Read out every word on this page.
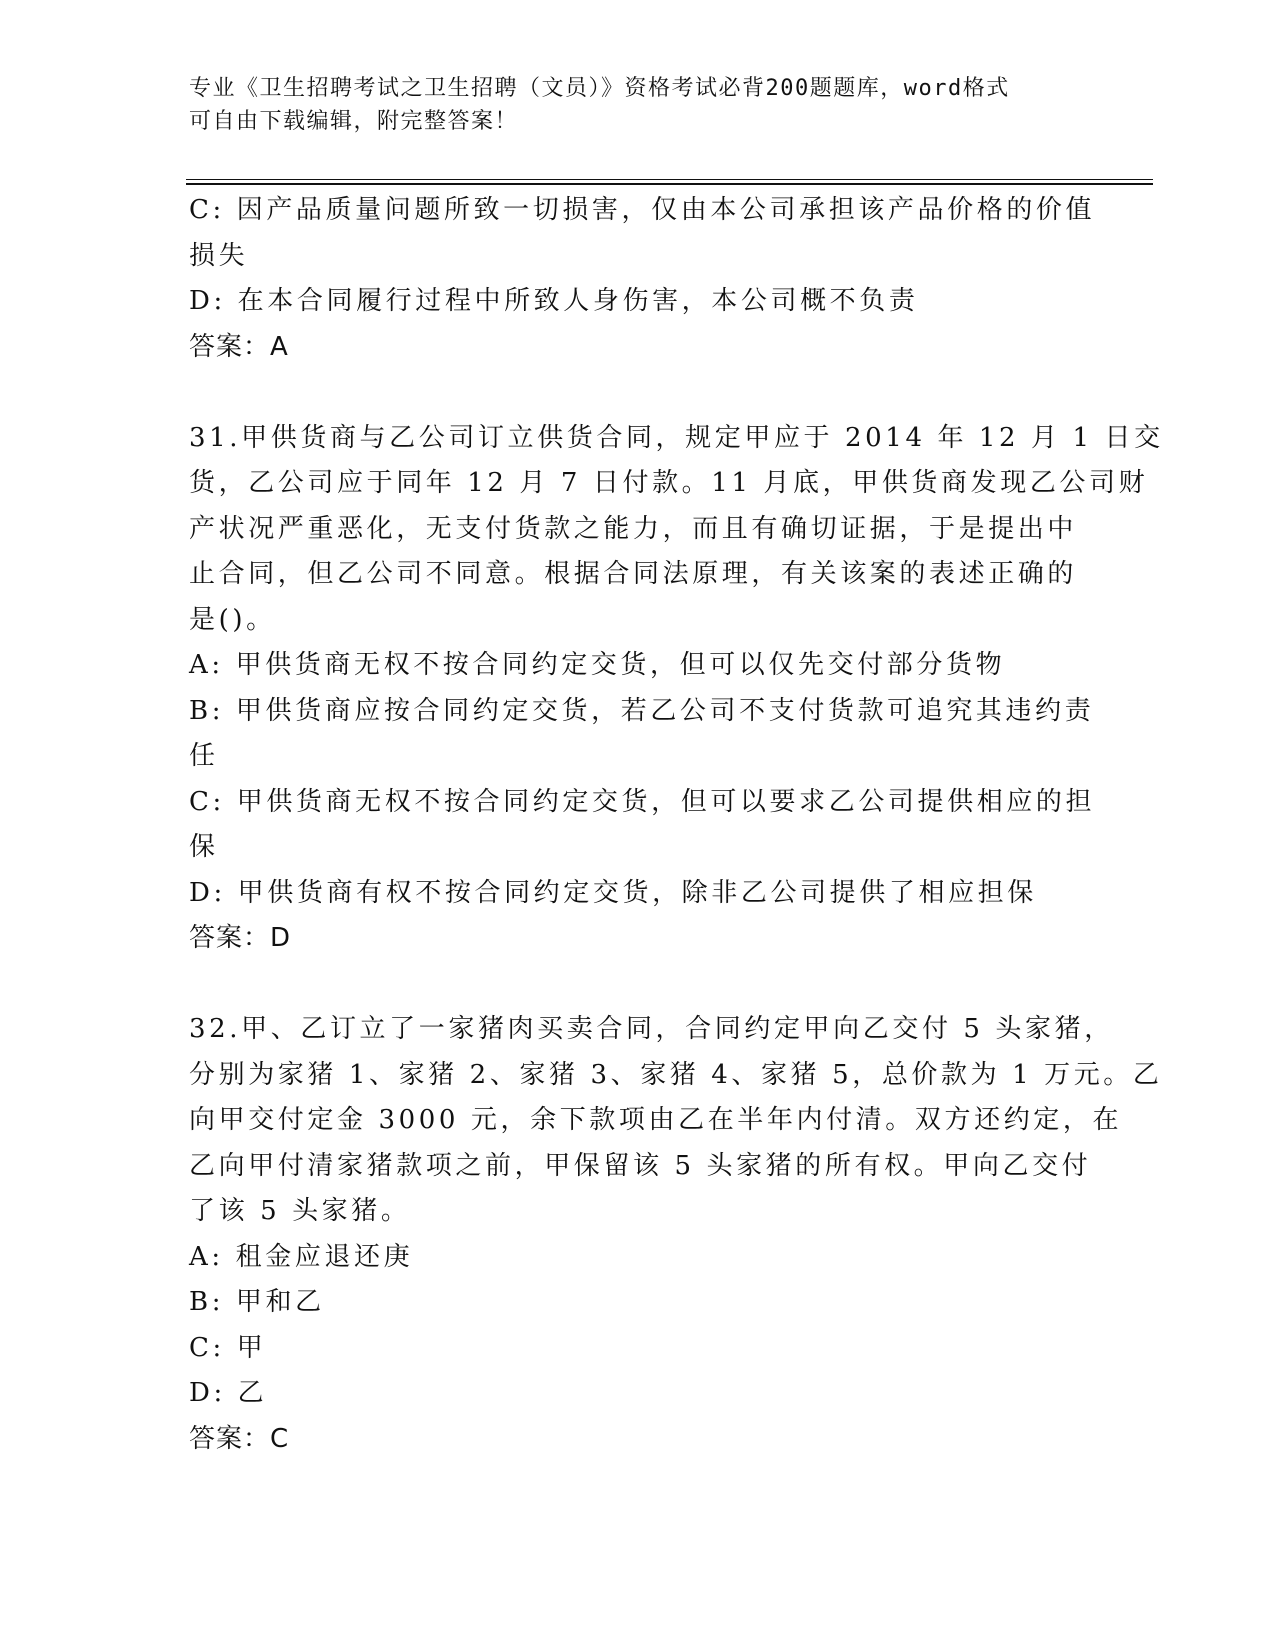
专业《卫生招聘考试之卫生招聘（文员）》资格考试必背200题题库，word格式
可自由下载编辑，附完整答案！
C: 因产品质量问题所致一切损害，仅由本公司承担该产品价格的价值
损失
D: 在本合同履行过程中所致人身伤害，本公司概不负责
答案：A
31.甲供货商与乙公司订立供货合同，规定甲应于 2014 年 12 月 1 日交
货，乙公司应于同年 12 月 7 日付款。11 月底，甲供货商发现乙公司财
产状况严重恶化，无支付货款之能力，而且有确切证据，于是提出中
止合同，但乙公司不同意。根据合同法原理，有关该案的表述正确的
是()。
A: 甲供货商无权不按合同约定交货，但可以仅先交付部分货物
B: 甲供货商应按合同约定交货，若乙公司不支付货款可追究其违约责
任
C: 甲供货商无权不按合同约定交货，但可以要求乙公司提供相应的担
保
D: 甲供货商有权不按合同约定交货，除非乙公司提供了相应担保
答案：D
32.甲、乙订立了一家猪肉买卖合同，合同约定甲向乙交付 5 头家猪，
分别为家猪 1、家猪 2、家猪 3、家猪 4、家猪 5，总价款为 1 万元。乙
向甲交付定金 3000 元，余下款项由乙在半年内付清。双方还约定，在
乙向甲付清家猪款项之前，甲保留该 5 头家猪的所有权。甲向乙交付
了该 5 头家猪。
A: 租金应退还庚
B: 甲和乙
C: 甲
D: 乙
答案：C
